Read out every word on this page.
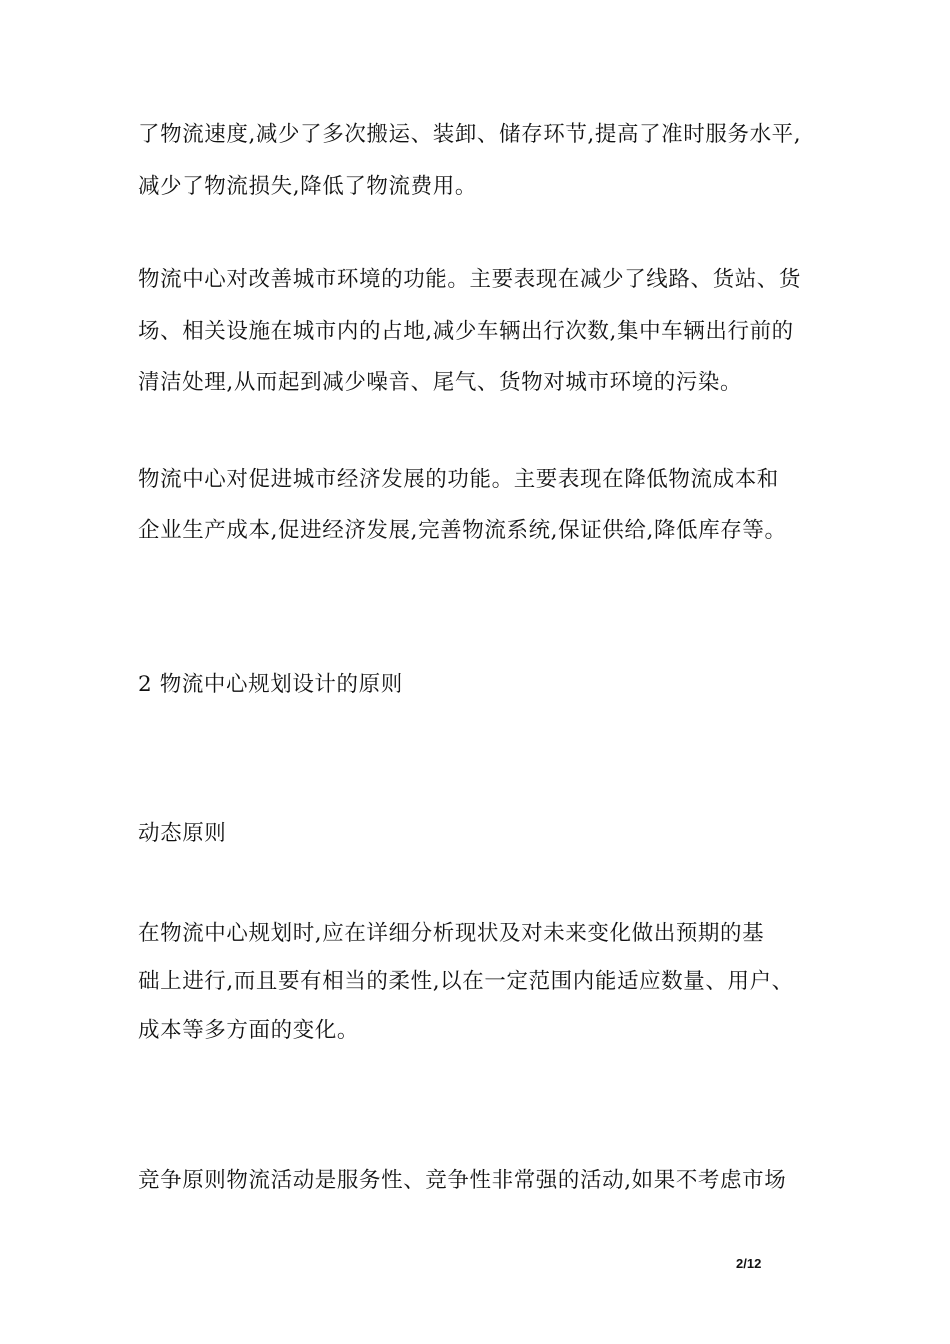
了物流速度,减少了多次搬运、装卸、储存环节,提高了准时服务水平,
减少了物流损失,降低了物流费用。
物流中心对改善城市环境的功能。主要表现在减少了线路、货站、货
场、相关设施在城市内的占地,减少车辆出行次数,集中车辆出行前的
清洁处理,从而起到减少噪音、尾气、货物对城市环境的污染。
物流中心对促进城市经济发展的功能。主要表现在降低物流成本和
企业生产成本,促进经济发展,完善物流系统,保证供给,降低库存等。
2 物流中心规划设计的原则
动态原则
在物流中心规划时,应在详细分析现状及对未来变化做出预期的基
础上进行,而且要有相当的柔性,以在一定范围内能适应数量、用户、
成本等多方面的变化。
竞争原则物流活动是服务性、竞争性非常强的活动,如果不考虑市场
2/12
